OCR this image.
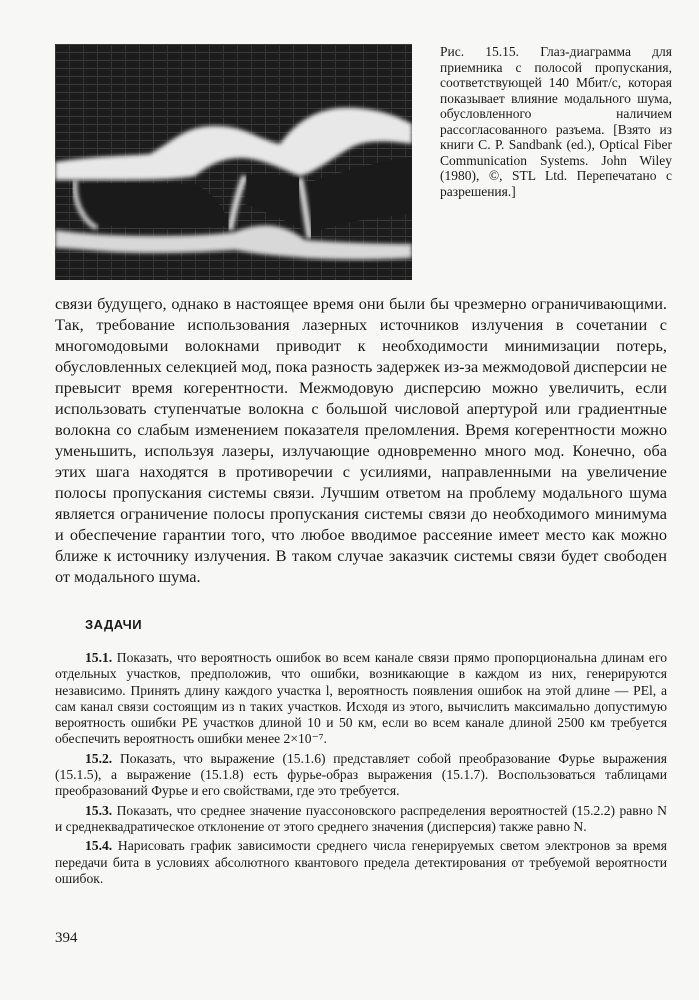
Рис. 15.15. Глаз-диаграмма для приемника с полосой пропускания, соответствующей 140 Мбит/с, которая показывает влияние модального шума, обусловленного наличием рассогласованного разъема. [Взято из книги C. P. Sandbank (ed.), Optical Fiber Communication Systems. John Wiley (1980), ©, STL Ltd. Перепечатано с разрешения.]

связи будущего, однако в настоящее время они были бы чрезмерно ограничивающими. Так, требование использования лазерных источников излучения в сочетании с многомодовыми волокнами приводит к необходимости минимизации потерь, обусловленных селекцией мод, пока разность задержек из-за межмодовой дисперсии не превысит время когерентности. Межмодовую дисперсию можно увеличить, если использовать ступенчатые волокна с большой числовой апертурой или градиентные волокна со слабым изменением показателя преломления. Время когерентности можно уменьшить, используя лазеры, излучающие одновременно много мод. Конечно, оба этих шага находятся в противоречии с усилиями, направленными на увеличение полосы пропускания системы связи. Лучшим ответом на проблему модального шума является ограничение полосы пропускания системы связи до необходимого минимума и обеспечение гарантии того, что любое вводимое рассеяние имеет место как можно ближе к источнику излучения. В таком случае заказчик системы связи будет свободен от модального шума.

ЗАДАЧИ

15.1. Показать, что вероятность ошибок во всем канале связи прямо пропорциональна длинам его отдельных участков, предположив, что ошибки, возникающие в каждом из них, генерируются независимо. Принять длину каждого участка l, вероятность появления ошибок на этой длине — PEl, а сам канал связи состоящим из n таких участков. Исходя из этого, вычислить максимально допустимую вероятность ошибки PE участков длиной 10 и 50 км, если во всем канале длиной 2500 км требуется обеспечить вероятность ошибки менее 2×10⁻⁷.

15.2. Показать, что выражение (15.1.6) представляет собой преобразование Фурье выражения (15.1.5), а выражение (15.1.8) есть фурье-образ выражения (15.1.7). Воспользоваться таблицами преобразований Фурье и его свойствами, где это требуется.

15.3. Показать, что среднее значение пуассоновского распределения вероятностей (15.2.2) равно N и среднеквадратическое отклонение от этого среднего значения (дисперсия) также равно N.

15.4. Нарисовать график зависимости среднего числа генерируемых светом электронов за время передачи бита в условиях абсолютного квантового предела детектирования от требуемой вероятности ошибок.

394
